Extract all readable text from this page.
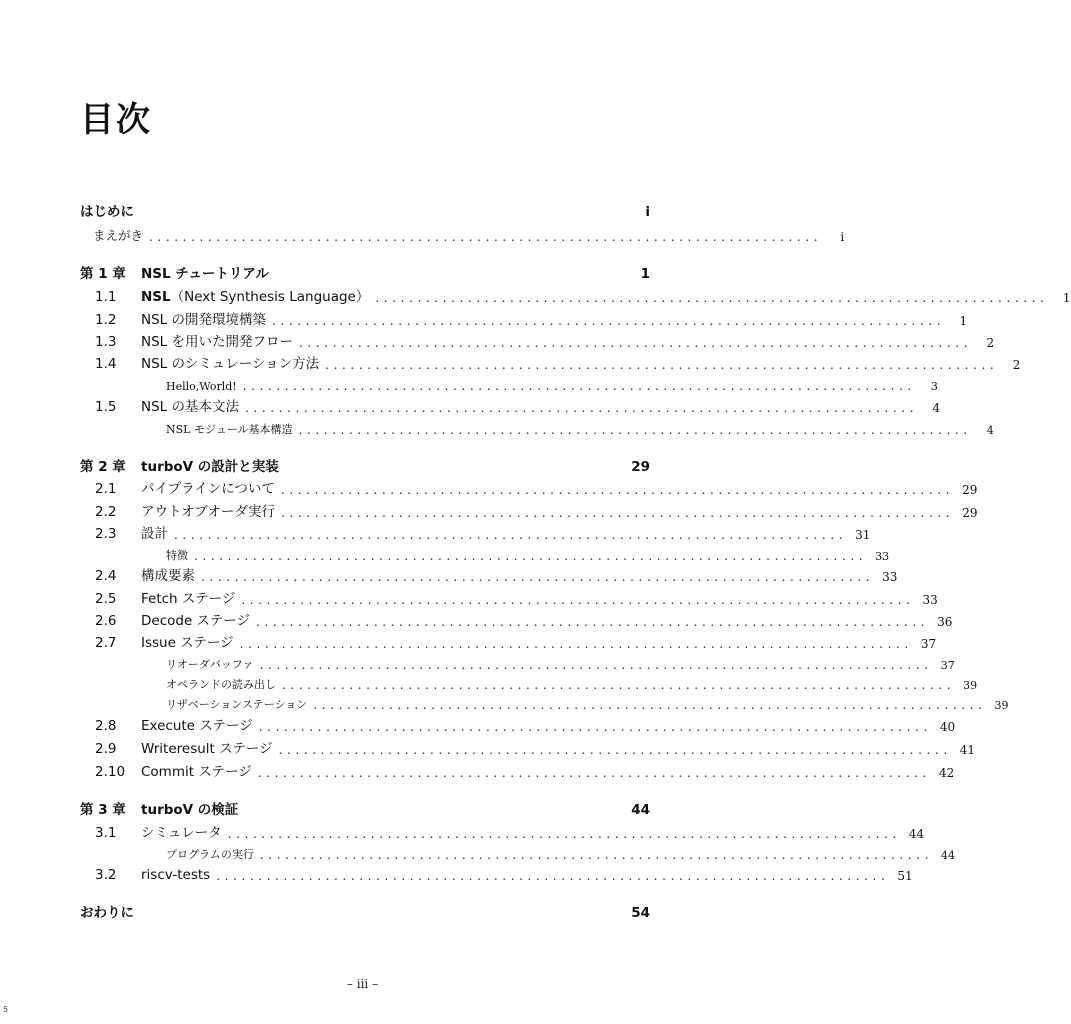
目次
はじめに	i
まえがき ................................................................................	i
第 1 章	NSL チュートリアル	1
1.1	NSL（Next Synthesis Language） ................................................................................	1
1.2	NSL の開発環境構築 ................................................................................	1
1.3	NSL を用いた開発フロー ................................................................................	2
1.4	NSL のシミュレーション方法 ................................................................................	2
Hello,World! ................................................................................	3
1.5	NSL の基本文法 ................................................................................	4
NSL モジュール基本構造 ................................................................................	4
第 2 章	turboV の設計と実装	29
2.1	パイプラインについて ................................................................................ 29
2.2	アウトオブオーダ実行 ................................................................................ 29
2.3	設計 ................................................................................ 31
特徴 ................................................................................ 33
2.4	構成要素 ................................................................................ 33
2.5	Fetch ステージ ................................................................................ 33
2.6	Decode ステージ ................................................................................ 36
2.7	Issue ステージ ................................................................................ 37
リオーダバッファ ................................................................................ 37
オペランドの読み出し ................................................................................ 39
リザベーションステーション ................................................................................ 39
2.8	Execute ステージ ................................................................................ 40
2.9	Writeresult ステージ ................................................................................ 41
2.10	Commit ステージ ................................................................................ 42
第 3 章	turboV の検証	44
3.1	シミュレータ ................................................................................ 44
プログラムの実行 ................................................................................ 44
3.2	riscv-tests ................................................................................ 51
おわりに	54
– iii –
5
